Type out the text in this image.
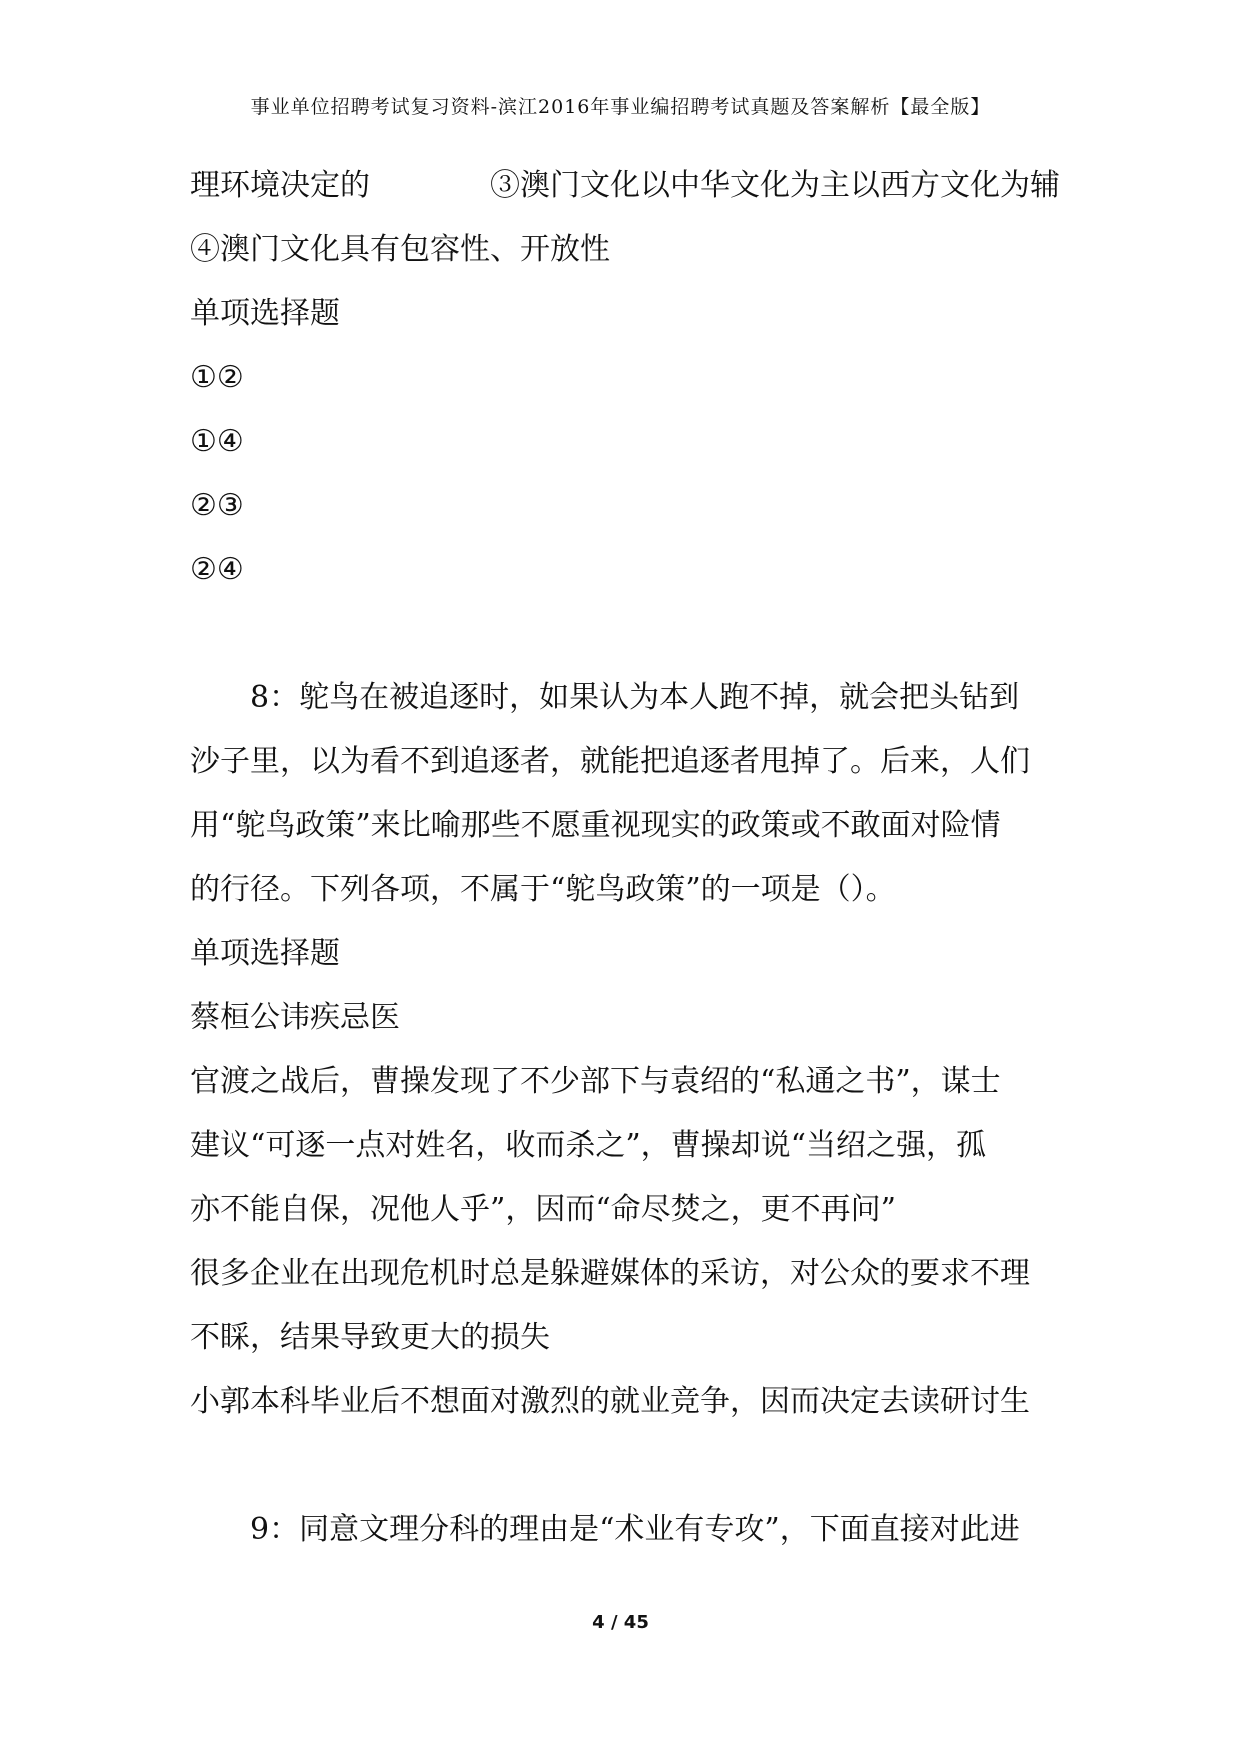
事业单位招聘考试复习资料-滨江2016年事业编招聘考试真题及答案解析【最全版】
理环境决定的	③澳门文化以中华文化为主以西方文化为辅
④澳门文化具有包容性、开放性
单项选择题
①②
①④
②③
②④
8：鸵鸟在被追逐时，如果认为本人跑不掉，就会把头钻到
沙子里，以为看不到追逐者，就能把追逐者甩掉了。后来，人们
用“鸵鸟政策”来比喻那些不愿重视现实的政策或不敢面对险情
的行径。下列各项，不属于“鸵鸟政策”的一项是（）。
单项选择题
蔡桓公讳疾忌医
官渡之战后，曹操发现了不少部下与袁绍的“私通之书”，谋士
建议“可逐一点对姓名，收而杀之”，曹操却说“当绍之强，孤
亦不能自保，况他人乎”，因而“命尽焚之，更不再问”
很多企业在出现危机时总是躲避媒体的采访，对公众的要求不理
不睬，结果导致更大的损失
小郭本科毕业后不想面对激烈的就业竞争，因而决定去读研讨生
9：同意文理分科的理由是“术业有专攻”，下面直接对此进
4 / 45
